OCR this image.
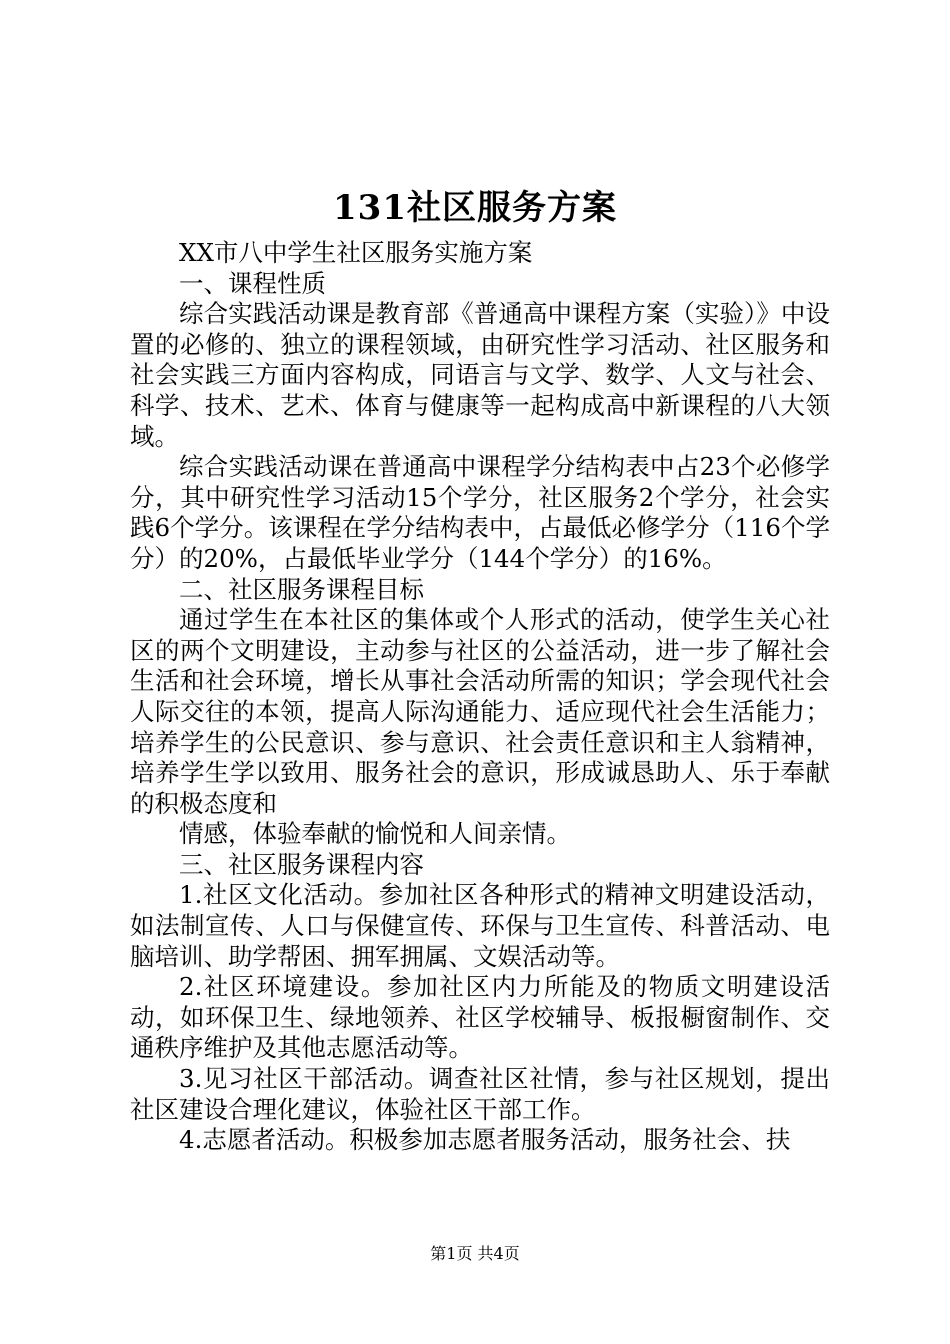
131社区服务方案

XX市八中学生社区服务实施方案

一、课程性质

综合实践活动课是教育部《普通高中课程方案（实验）》中设置的必修的、独立的课程领域，由研究性学习活动、社区服务和社会实践三方面内容构成，同语言与文学、数学、人文与社会、科学、技术、艺术、体育与健康等一起构成高中新课程的八大领域。

综合实践活动课在普通高中课程学分结构表中占23个必修学分，其中研究性学习活动15个学分，社区服务2个学分，社会实践6个学分。该课程在学分结构表中，占最低必修学分（116个学分）的20%，占最低毕业学分（144个学分）的16%。

二、社区服务课程目标

通过学生在本社区的集体或个人形式的活动，使学生关心社区的两个文明建设，主动参与社区的公益活动，进一步了解社会生活和社会环境，增长从事社会活动所需的知识；学会现代社会人际交往的本领，提高人际沟通能力、适应现代社会生活能力；培养学生的公民意识、参与意识、社会责任意识和主人翁精神，培养学生学以致用、服务社会的意识，形成诚恳助人、乐于奉献的积极态度和

情感，体验奉献的愉悦和人间亲情。

三、社区服务课程内容

1.社区文化活动。参加社区各种形式的精神文明建设活动，如法制宣传、人口与保健宣传、环保与卫生宣传、科普活动、电脑培训、助学帮困、拥军拥属、文娱活动等。

2.社区环境建设。参加社区内力所能及的物质文明建设活动，如环保卫生、绿地领养、社区学校辅导、板报橱窗制作、交通秩序维护及其他志愿活动等。

3.见习社区干部活动。调查社区社情，参与社区规划，提出社区建设合理化建议，体验社区干部工作。

4.志愿者活动。积极参加志愿者服务活动，服务社会、扶

第1页 共4页
